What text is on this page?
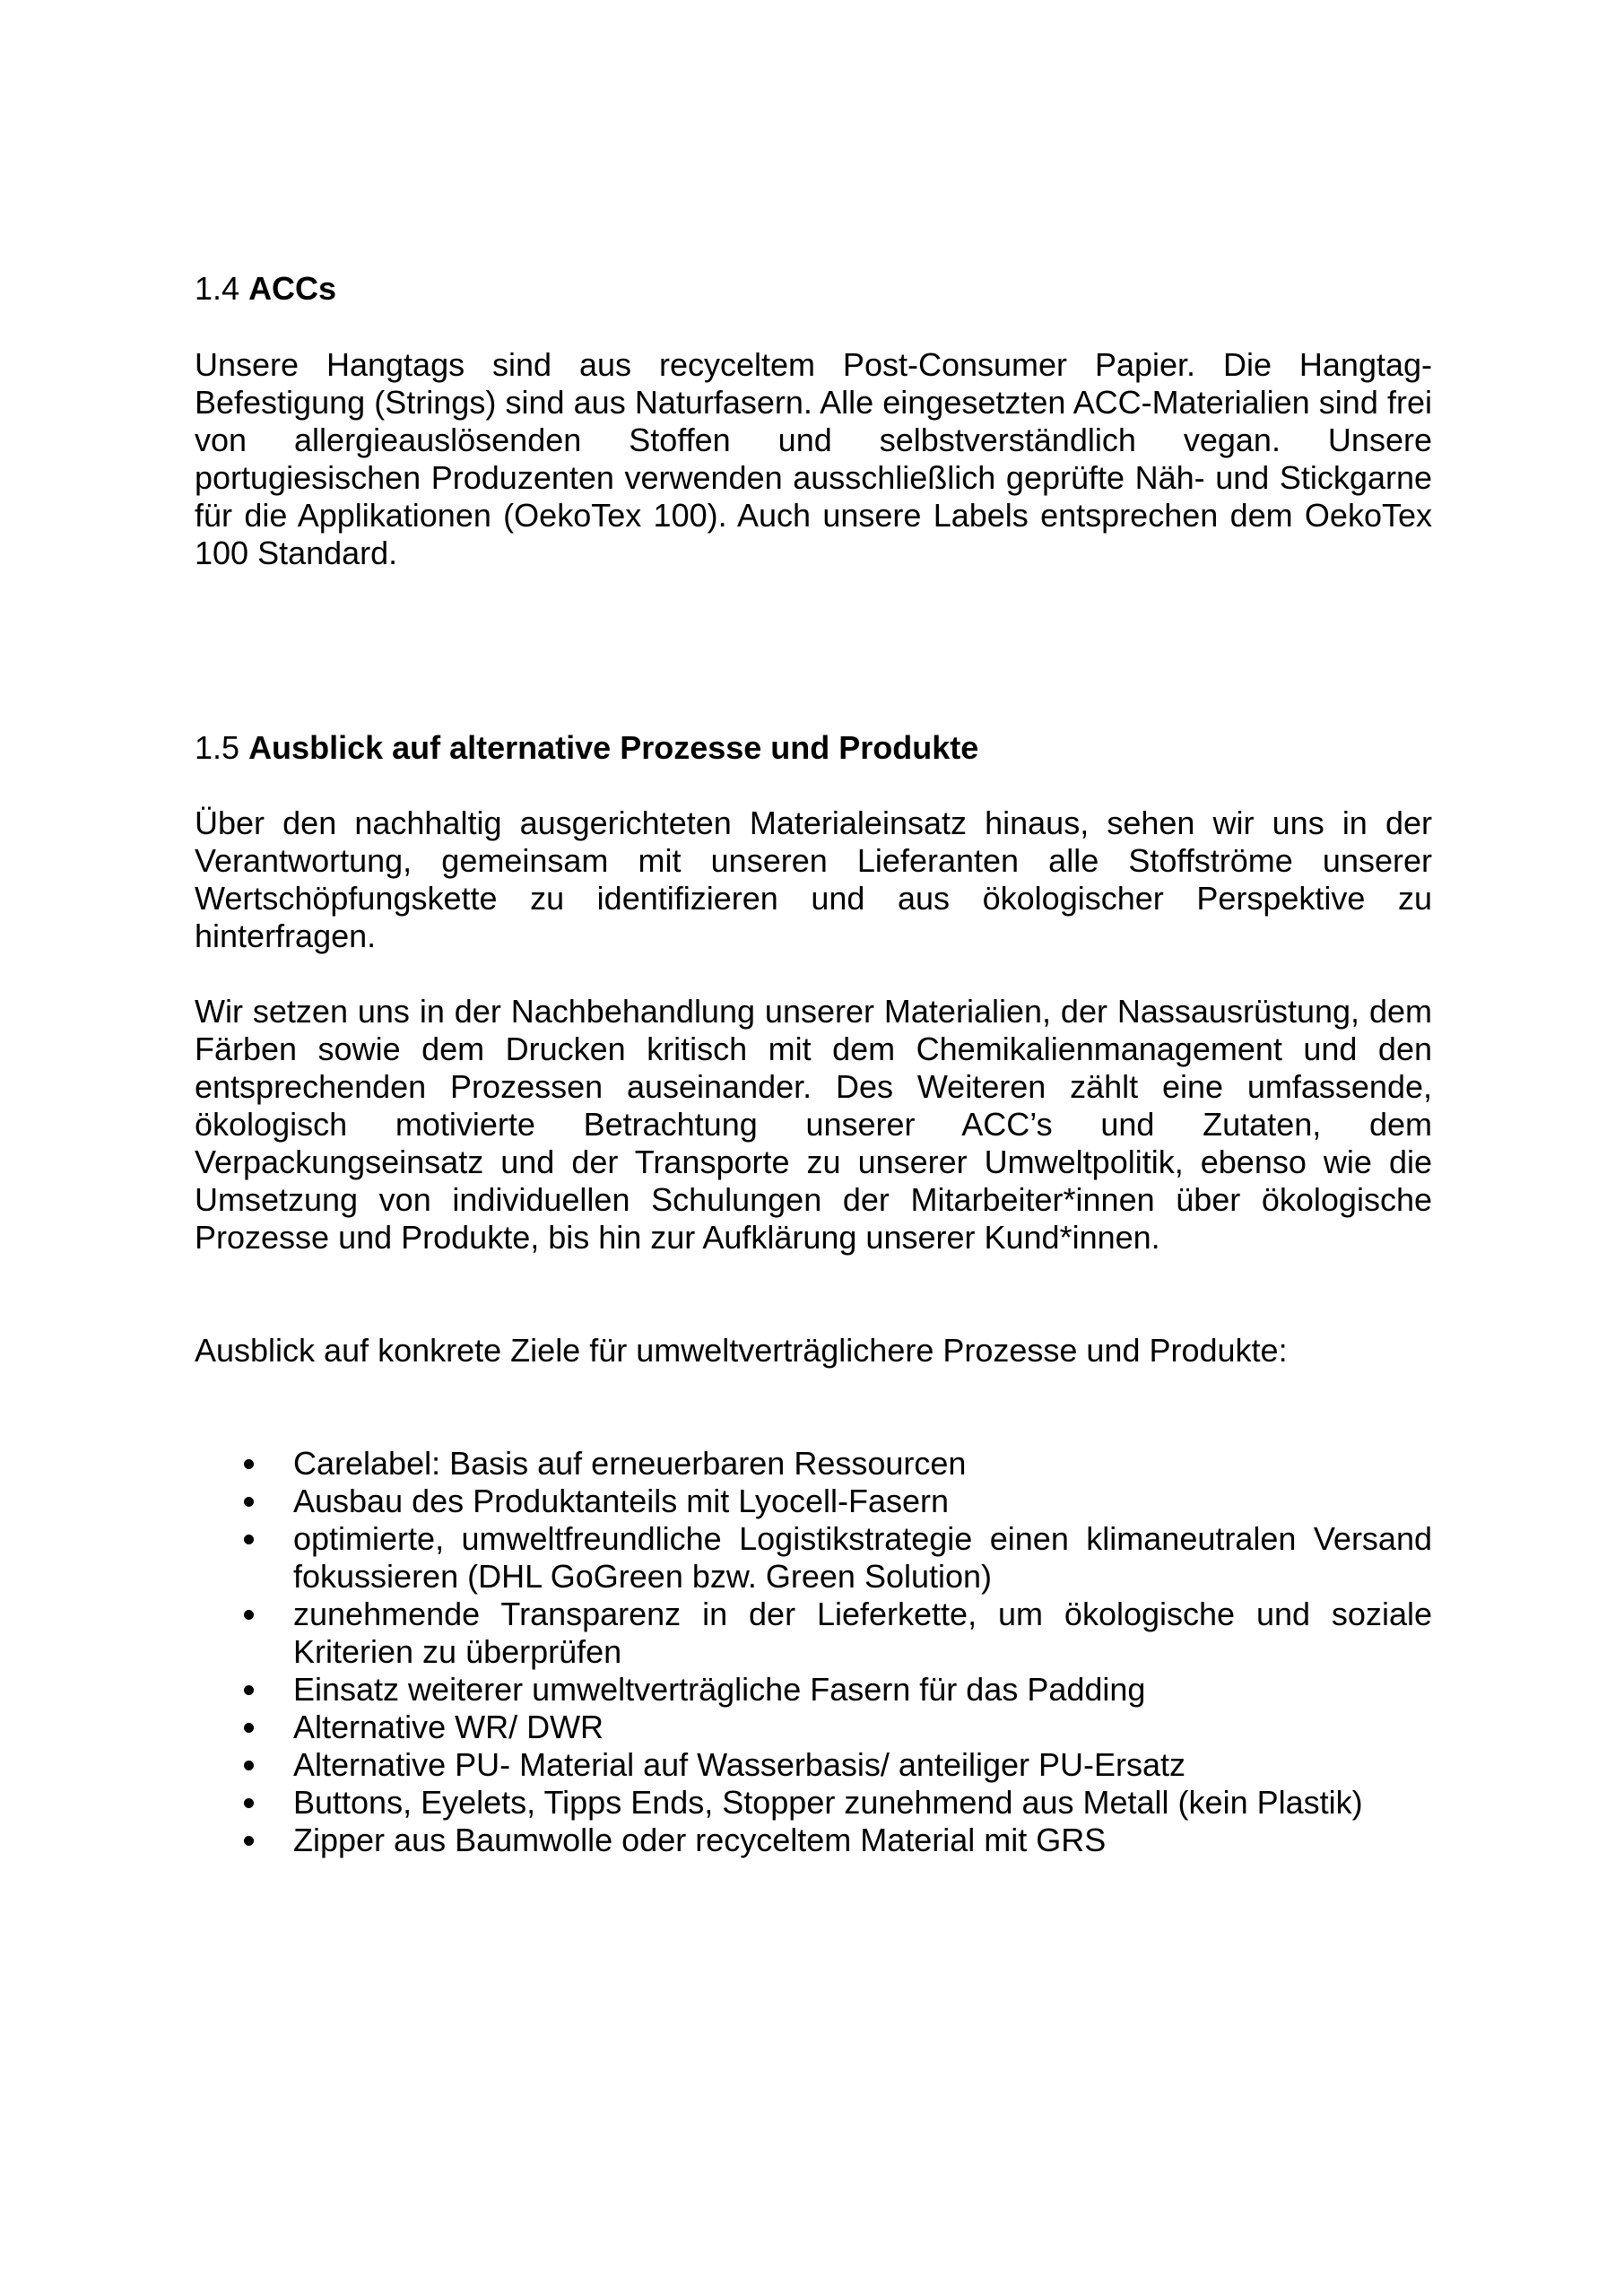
1.4 ACCs

Unsere Hangtags sind aus recyceltem Post-Consumer Papier. Die Hangtag-Befestigung (Strings) sind aus Naturfasern. Alle eingesetzten ACC-Materialien sind frei von allergieauslösenden Stoffen und selbstverständlich vegan. Unsere portugiesischen Produzenten verwenden ausschließlich geprüfte Näh- und Stickgarne für die Applikationen (OekoTex 100). Auch unsere Labels entsprechen dem OekoTex 100 Standard.

1.5 Ausblick auf alternative Prozesse und Produkte

Über den nachhaltig ausgerichteten Materialeinsatz hinaus, sehen wir uns in der Verantwortung, gemeinsam mit unseren Lieferanten alle Stoffströme unserer Wertschöpfungskette zu identifizieren und aus ökologischer Perspektive zu hinterfragen.

Wir setzen uns in der Nachbehandlung unserer Materialien, der Nassausrüstung, dem Färben sowie dem Drucken kritisch mit dem Chemikalienmanagement und den entsprechenden Prozessen auseinander. Des Weiteren zählt eine umfassende, ökologisch motivierte Betrachtung unserer ACC’s und Zutaten, dem Verpackungseinsatz und der Transporte zu unserer Umweltpolitik, ebenso wie die Umsetzung von individuellen Schulungen der Mitarbeiter*innen über ökologische Prozesse und Produkte, bis hin zur Aufklärung unserer Kund*innen.

Ausblick auf konkrete Ziele für umweltverträglichere Prozesse und Produkte:

Carelabel: Basis auf erneuerbaren Ressourcen
Ausbau des Produktanteils mit Lyocell-Fasern
optimierte, umweltfreundliche Logistikstrategie einen klimaneutralen Versand fokussieren (DHL GoGreen bzw. Green Solution)
zunehmende Transparenz in der Lieferkette, um ökologische und soziale Kriterien zu überprüfen
Einsatz weiterer umweltverträgliche Fasern für das Padding
Alternative WR/ DWR
Alternative PU- Material auf Wasserbasis/ anteiliger PU-Ersatz
Buttons, Eyelets, Tipps Ends, Stopper zunehmend aus Metall (kein Plastik)
Zipper aus Baumwolle oder recyceltem Material mit GRS
